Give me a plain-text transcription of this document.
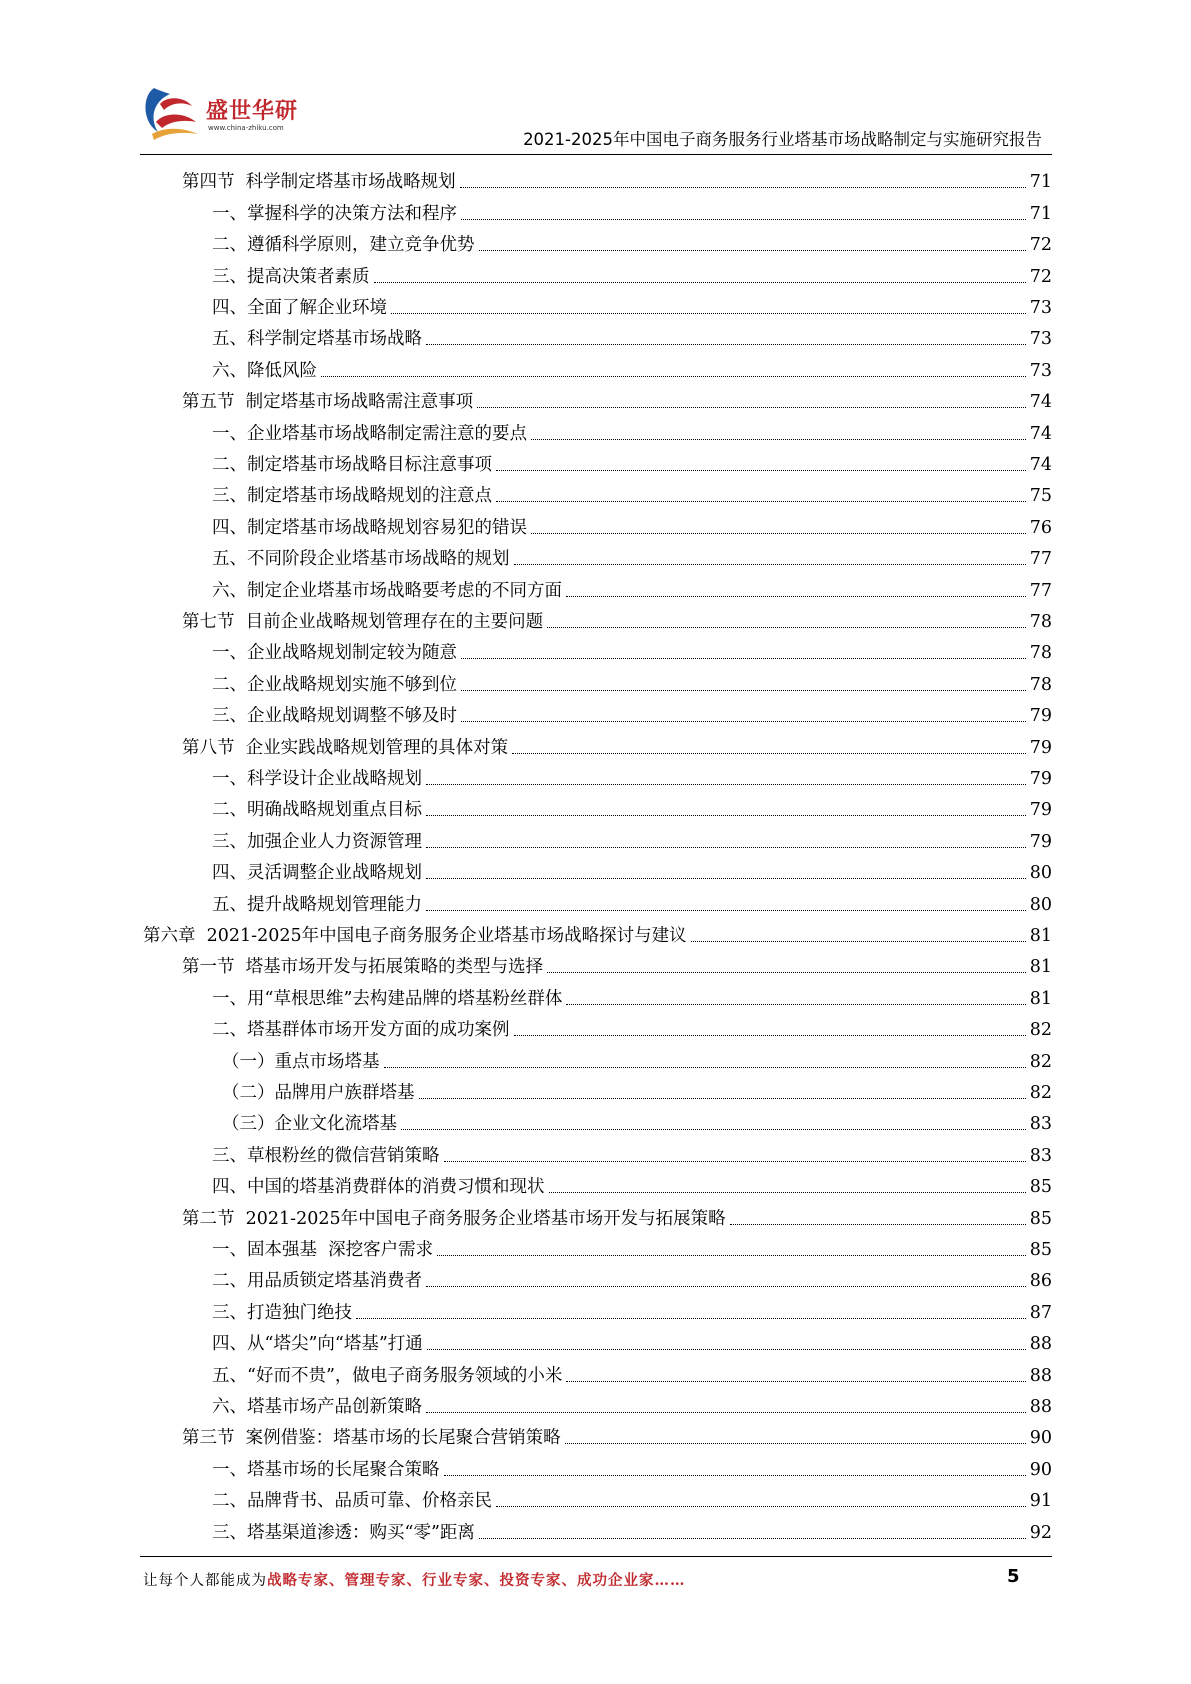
盛世华研
www.china-zhiku.com
2021-2025年中国电子商务服务行业塔基市场战略制定与实施研究报告
第四节  科学制定塔基市场战略规划	71
一、掌握科学的决策方法和程序	71
二、遵循科学原则，建立竞争优势	72
三、提高决策者素质	72
四、全面了解企业环境	73
五、科学制定塔基市场战略	73
六、降低风险	73
第五节  制定塔基市场战略需注意事项	74
一、企业塔基市场战略制定需注意的要点	74
二、制定塔基市场战略目标注意事项	74
三、制定塔基市场战略规划的注意点	75
四、制定塔基市场战略规划容易犯的错误	76
五、不同阶段企业塔基市场战略的规划	77
六、制定企业塔基市场战略要考虑的不同方面	77
第七节  目前企业战略规划管理存在的主要问题	78
一、企业战略规划制定较为随意	78
二、企业战略规划实施不够到位	78
三、企业战略规划调整不够及时	79
第八节  企业实践战略规划管理的具体对策	79
一、科学设计企业战略规划	79
二、明确战略规划重点目标	79
三、加强企业人力资源管理	79
四、灵活调整企业战略规划	80
五、提升战略规划管理能力	80
第六章  2021-2025年中国电子商务服务企业塔基市场战略探讨与建议	81
第一节  塔基市场开发与拓展策略的类型与选择	81
一、用“草根思维”去构建品牌的塔基粉丝群体	81
二、塔基群体市场开发方面的成功案例	82
（一）重点市场塔基	82
（二）品牌用户族群塔基	82
（三）企业文化流塔基	83
三、草根粉丝的微信营销策略	83
四、中国的塔基消费群体的消费习惯和现状	85
第二节  2021-2025年中国电子商务服务企业塔基市场开发与拓展策略	85
一、固本强基  深挖客户需求	85
二、用品质锁定塔基消费者	86
三、打造独门绝技	87
四、从“塔尖”向“塔基”打通	88
五、“好而不贵”，做电子商务服务领域的小米	88
六、塔基市场产品创新策略	88
第三节  案例借鉴：塔基市场的长尾聚合营销策略	90
一、塔基市场的长尾聚合策略	90
二、品牌背书、品质可靠、价格亲民	91
三、塔基渠道渗透：购买“零”距离	92
让每个人都能成为战略专家、管理专家、行业专家、投资专家、成功企业家……	5
